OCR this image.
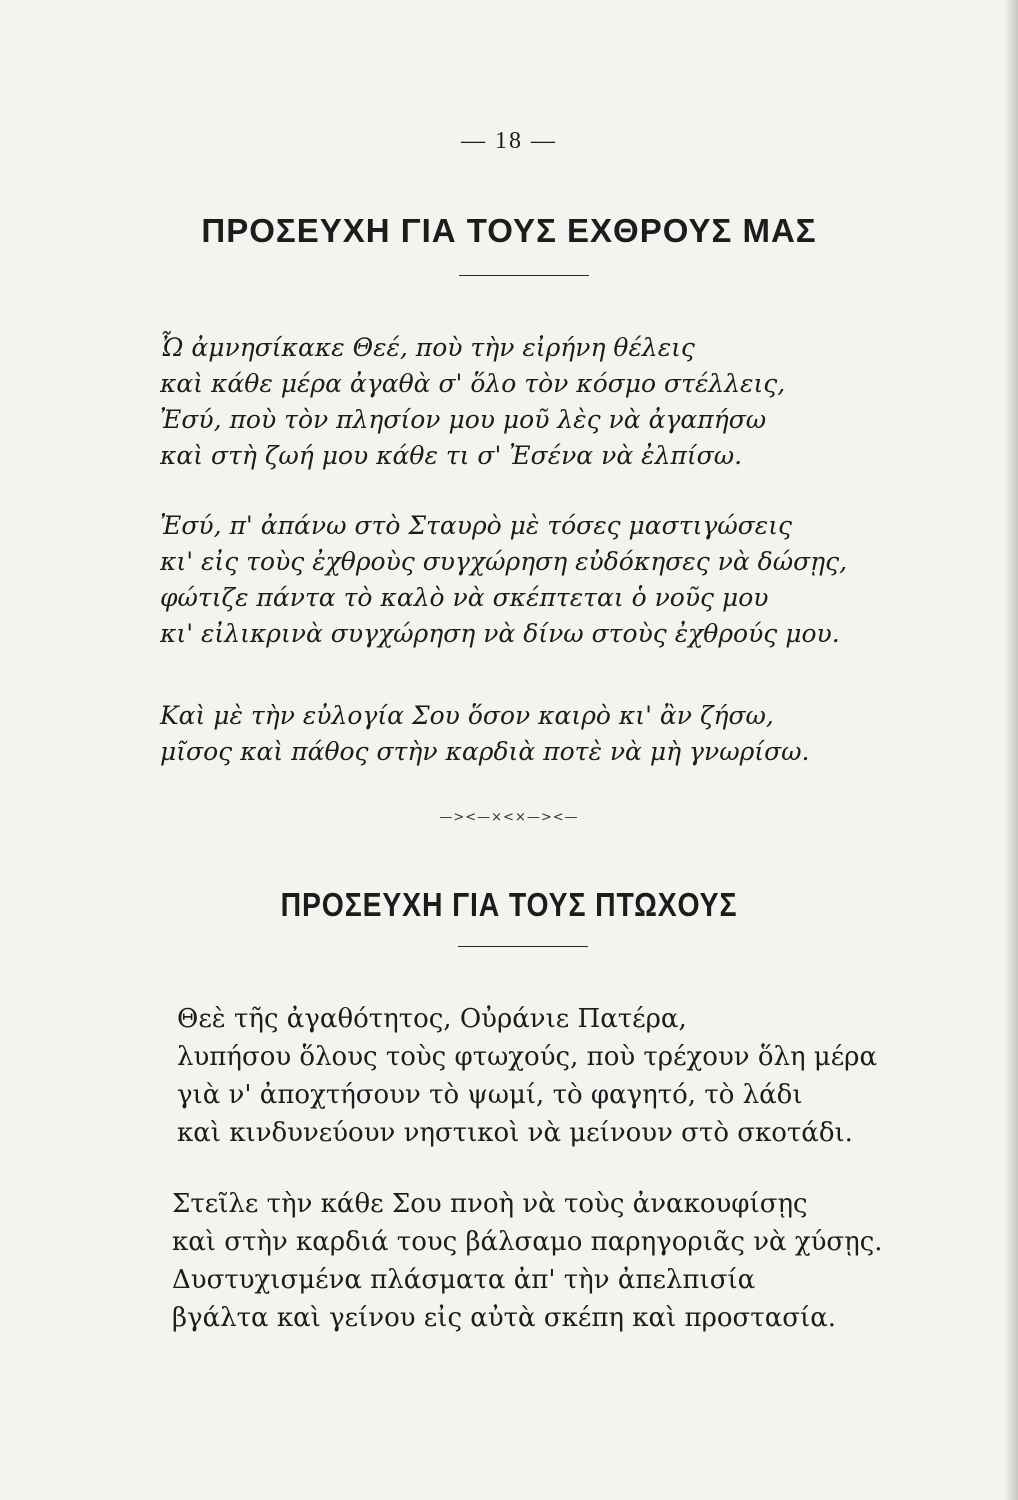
— 18 —
ΠΡΟΣΕΥΧΗ ΓΙΑ ΤΟΥΣ ΕΧΘΡΟΥΣ ΜΑΣ
Ὦ ἀμνησίκακε Θεέ, ποὺ τὴν εἰρήνη θέλεις
καὶ κάθε μέρα ἀγαθὰ σ' ὅλο τὸν κόσμο στέλλεις,
Ἐσύ, ποὺ τὸν πλησίον μου μοῦ λὲς νὰ ἀγαπήσω
καὶ στὴ ζωή μου κάθε τι σ' Ἐσένα νὰ ἐλπίσω.
Ἐσύ, π' ἀπάνω στὸ Σταυρὸ μὲ τόσες μαστιγώσεις
κι' εἰς τοὺς ἐχθροὺς συγχώρηση εὐδόκησες νὰ δώσῃς,
φώτιζε πάντα τὸ καλὸ νὰ σκέπτεται ὁ νοῦς μου
κι' εἰλικρινὰ συγχώρηση νὰ δίνω στοὺς ἐχθρούς μου.
Καὶ μὲ τὴν εὐλογία Σου ὅσον καιρὸ κι' ἂν ζήσω,
μῖσος καὶ πάθος στὴν καρδιὰ ποτὲ νὰ μὴ γνωρίσω.
—><—×<×—><—
ΠΡΟΣΕΥΧΗ ΓΙΑ ΤΟΥΣ ΠΤΩΧΟΥΣ
Θεὲ τῆς ἀγαθότητος, Οὐράνιε Πατέρα,
λυπήσου ὅλους τοὺς φτωχούς, ποὺ τρέχουν ὅλη μέρα
γιὰ ν' ἀποχτήσουν τὸ ψωμί, τὸ φαγητό, τὸ λάδι
καὶ κινδυνεύουν νηστικοὶ νὰ μείνουν στὸ σκοτάδι.
Στεῖλε τὴν κάθε Σου πνοὴ νὰ τοὺς ἀνακουφίσῃς
καὶ στὴν καρδιά τους βάλσαμο παρηγοριᾶς νὰ χύσῃς.
Δυστυχισμένα πλάσματα ἀπ' τὴν ἀπελπισία
βγάλτα καὶ γείνου εἰς αὐτὰ σκέπη καὶ προστασία.
